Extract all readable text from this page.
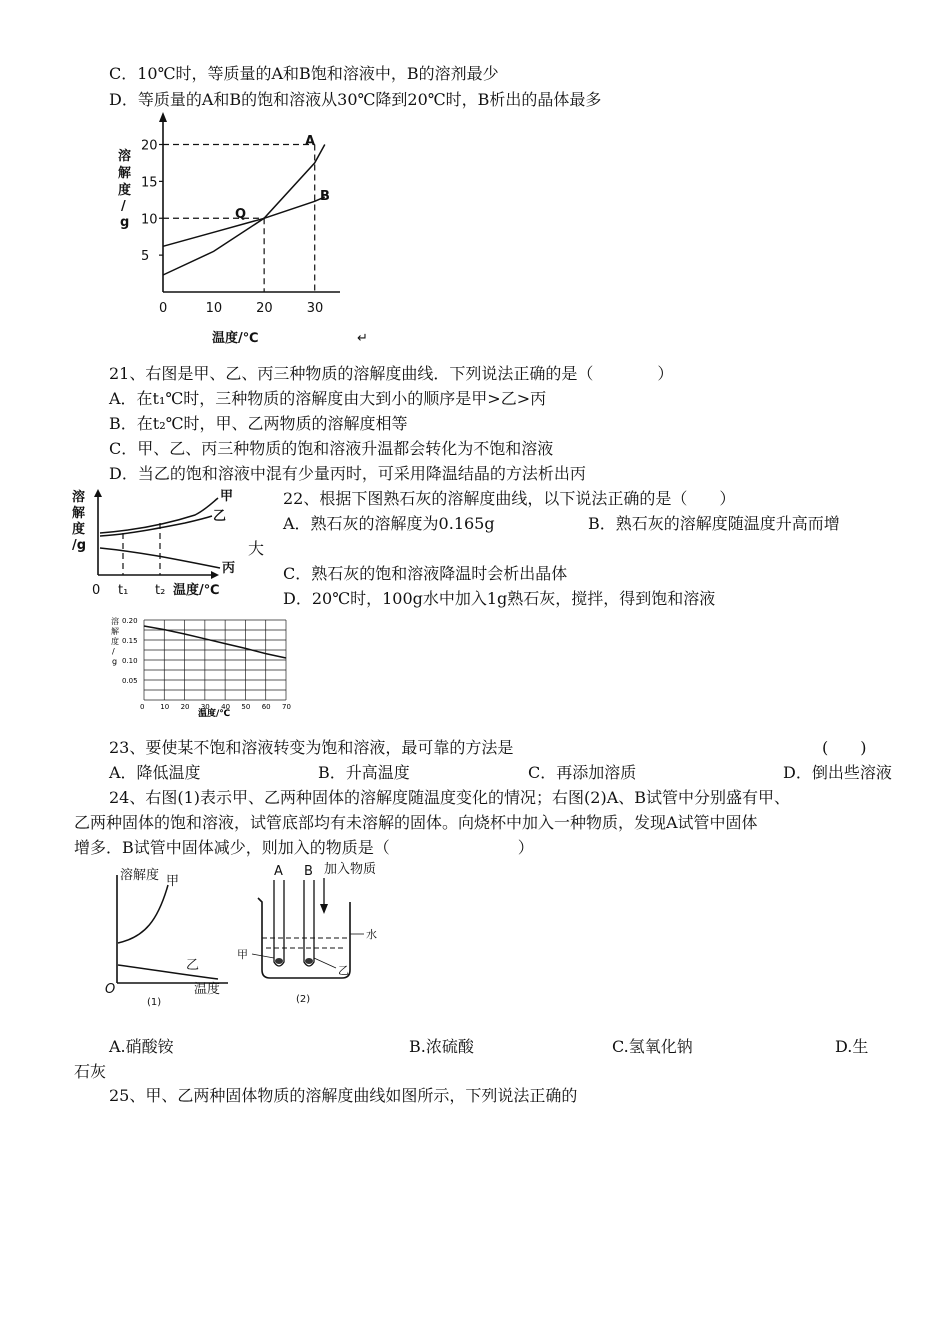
C．10℃时，等质量的A和B饱和溶液中，B的溶剂最少
D．等质量的A和B的饱和溶液从30℃降到20℃时，B析出的晶体最多
溶
解
度
/
g
5
10
15
20
0	10	20	30
A
B
Q
温度/℃	↵
21、右图是甲、乙、丙三种物质的溶解度曲线．下列说法正确的是（　　　　）
A．在t₁℃时，三种物质的溶解度由大到小的顺序是甲>乙>丙
B．在t₂℃时，甲、乙两物质的溶解度相等
C．甲、乙、丙三种物质的饱和溶液升温都会转化为不饱和溶液
D．当乙的饱和溶液中混有少量丙时，可采用降温结晶的方法析出丙
溶
解
度
/g
甲
乙
丙
0 t₁ t₂ 温度/℃
22、根据下图熟石灰的溶解度曲线，以下说法正确的是（　　）
A．熟石灰的溶解度为0.165g	B．熟石灰的溶解度随温度升高而增
大
C．熟石灰的饱和溶液降温时会析出晶体
D．20℃时，100g水中加入1g熟石灰，搅拌，得到饱和溶液
溶
解
度
/
g
0.20
0.15
0.10
0.05
0 10 20 30 40 50 60 70
温度/℃
23、要使某不饱和溶液转变为饱和溶液，最可靠的方法是	(　　)
A．降低温度	B．升高温度	C．再添加溶质	D．倒出些溶液
24、右图(1)表示甲、乙两种固体的溶解度随温度变化的情况；右图(2)A、B试管中分别盛有甲、
乙两种固体的饱和溶液，试管底部均有未溶解的固体。向烧杯中加入一种物质，发现A试管中固体
增多．B试管中固体减少，则加入的物质是（　　　　　　　　）
溶解度 甲
乙
O	温度
(1)
A B 加入物质
甲
乙
水
(2)
A.硝酸铵	B.浓硫酸	C.氢氧化钠	D.生
石灰
25、甲、乙两种固体物质的溶解度曲线如图所示，下列说法正确的
